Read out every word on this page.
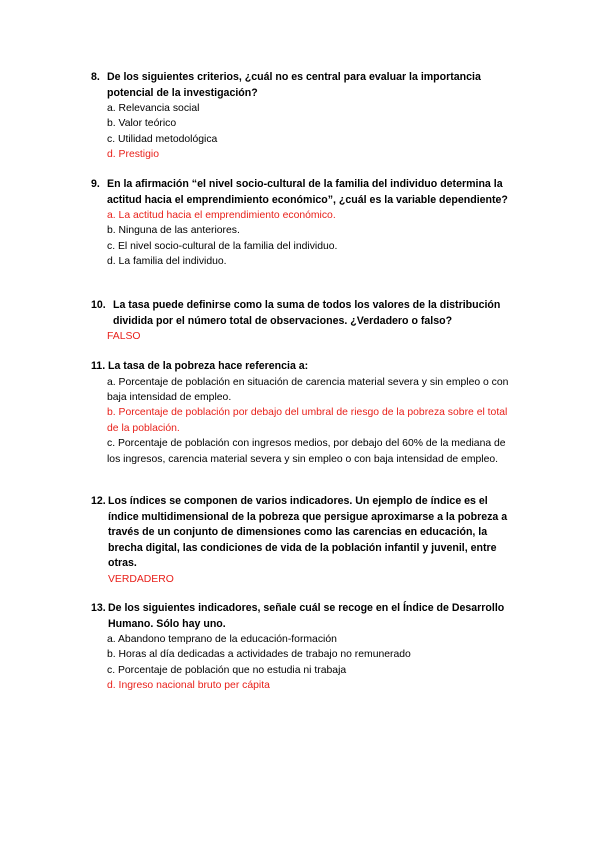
8. De los siguientes criterios, ¿cuál no es central para evaluar la importancia potencial de la investigación?
a. Relevancia social
b. Valor teórico
c. Utilidad metodológica
d. Prestigio
9. En la afirmación “el nivel socio-cultural de la familia del individuo determina la actitud hacia el emprendimiento económico”, ¿cuál es la variable dependiente?
a. La actitud hacia el emprendimiento económico.
b. Ninguna de las anteriores.
c. El nivel socio-cultural de la familia del individuo.
d. La familia del individuo.
10. La tasa puede definirse como la suma de todos los valores de la distribución dividida por el número total de observaciones. ¿Verdadero o falso?
FALSO
11. La tasa de la pobreza hace referencia a:
a. Porcentaje de población en situación de carencia material severa y sin empleo o con baja intensidad de empleo.
b. Porcentaje de población por debajo del umbral de riesgo de la pobreza sobre el total de la población.
c. Porcentaje de población con ingresos medios, por debajo del 60% de la mediana de los ingresos, carencia material severa y sin empleo o con baja intensidad de empleo.
12. Los índices se componen de varios indicadores. Un ejemplo de índice es el índice multidimensional de la pobreza que persigue aproximarse a la pobreza a través de un conjunto de dimensiones como las carencias en educación, la brecha digital, las condiciones de vida de la población infantil y juvenil, entre otras.
VERDADERO
13. De los siguientes indicadores, señale cuál se recoge en el Índice de Desarrollo Humano. Sólo hay uno.
a. Abandono temprano de la educación-formación
b. Horas al día dedicadas a actividades de trabajo no remunerado
c. Porcentaje de población que no estudia ni trabaja
d. Ingreso nacional bruto per cápita
